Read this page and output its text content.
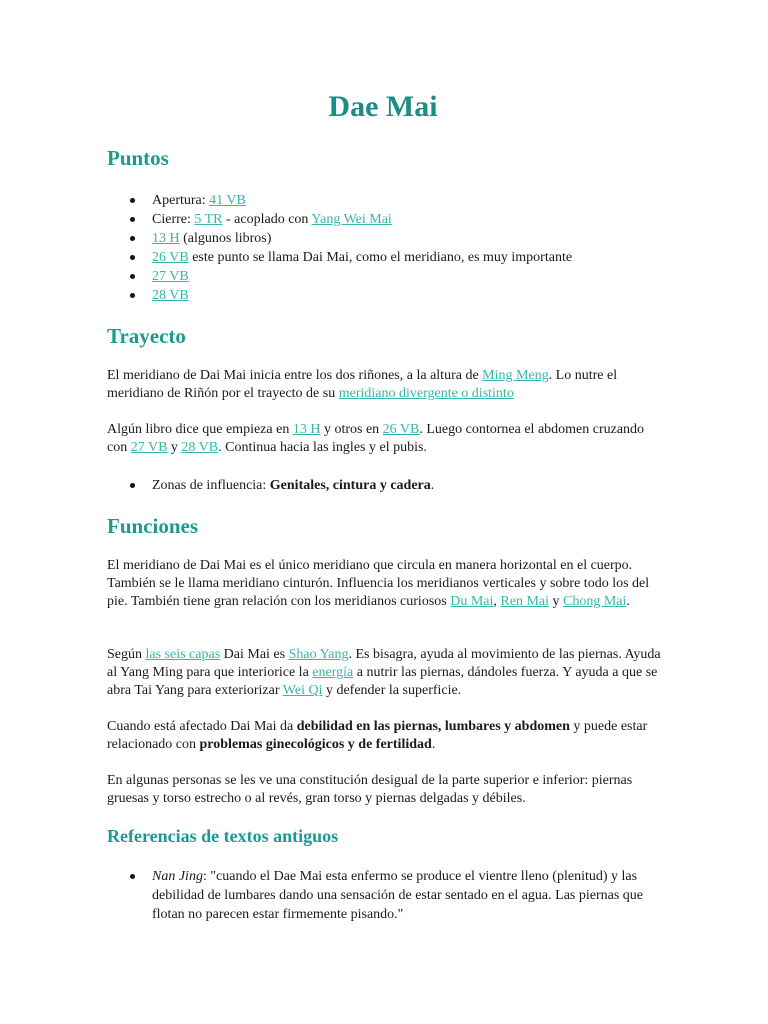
Dae Mai
Puntos
Apertura: 41 VB
Cierre: 5 TR - acoplado con Yang Wei Mai
13 H (algunos libros)
26 VB este punto se llama Dai Mai, como el meridiano, es muy importante
27 VB
28 VB
Trayecto

El meridiano de Dai Mai inicia entre los dos riñones, a la altura de Ming Meng. Lo nutre el meridiano de Riñón por el trayecto de su meridiano divergente o distinto

Algún libro dice que empieza en 13 H y otros en 26 VB. Luego contornea el abdomen cruzando con 27 VB y 28 VB. Continua hacia las ingles y el pubis.

Zonas de influencia: Genitales, cintura y cadera.
Funciones

El meridiano de Dai Mai es el único meridiano que circula en manera horizontal en el cuerpo. También se le llama meridiano cinturón. Influencia los meridianos verticales y sobre todo los del pie. También tiene gran relación con los meridianos curiosos Du Mai, Ren Mai y Chong Mai.

Según las seis capas Dai Mai es Shao Yang. Es bisagra, ayuda al movimiento de las piernas. Ayuda al Yang Ming para que interiorice la energía a nutrir las piernas, dándoles fuerza. Y ayuda a que se abra Tai Yang para exteriorizar Wei Qi y defender la superficie.

Cuando está afectado Dai Mai da debilidad en las piernas, lumbares y abdomen y puede estar relacionado con problemas ginecológicos y de fertilidad.

En algunas personas se les ve una constitución desigual de la parte superior e inferior: piernas gruesas y torso estrecho o al revés, gran torso y piernas delgadas y débiles.

Referencias de textos antiguos
Nan Jing: "cuando el Dae Mai esta enfermo se produce el vientre lleno (plenitud) y las debilidad de lumbares dando una sensación de estar sentado en el agua. Las piernas que flotan no parecen estar firmemente pisando."
